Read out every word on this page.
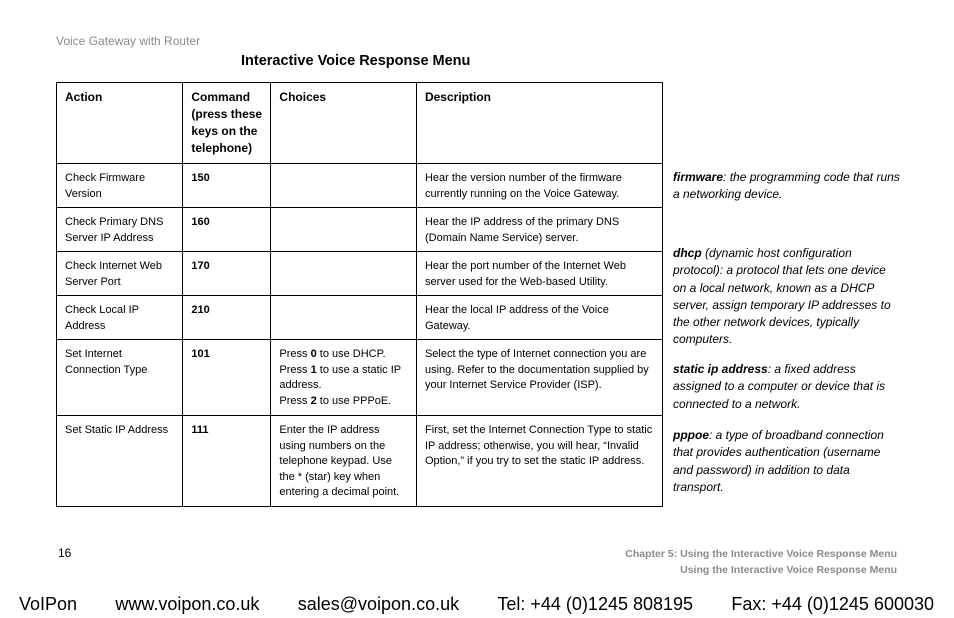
Voice Gateway with Router
Interactive Voice Response Menu
Action	Command (press these keys on the telephone)	Choices	Description
Check Firmware Version	150		Hear the version number of the firmware currently running on the Voice Gateway.
Check Primary DNS Server IP Address	160		Hear the IP address of the primary DNS (Domain Name Service) server.
Check Internet Web Server Port	170		Hear the port number of the Internet Web server used for the Web-based Utility.
Check Local IP Address	210		Hear the local IP address of the Voice Gateway.
Set Internet Connection Type	101	Press 0 to use DHCP.
Press 1 to use a static IP address.
Press 2 to use PPPoE.	Select the type of Internet connection you are using. Refer to the documentation supplied by your Internet Service Provider (ISP).
Set Static IP Address	111	Enter the IP address using numbers on the telephone keypad. Use the * (star) key when entering a decimal point.	First, set the Internet Connection Type to static IP address; otherwise, you will hear, “Invalid Option,” if you try to set the static IP address.
firmware: the programming code that runs a networking device.
dhcp (dynamic host configuration protocol): a protocol that lets one device on a local network, known as a DHCP server, assign temporary IP addresses to the other network devices, typically computers.
static ip address: a fixed address assigned to a computer or device that is connected to a network.
pppoe: a type of broadband connection that provides authentication (username and password) in addition to data transport.
16	Chapter 5: Using the Interactive Voice Response Menu
Using the Interactive Voice Response Menu
VoIPon www.voipon.co.uk sales@voipon.co.uk Tel: +44 (0)1245 808195 Fax: +44 (0)1245 600030
